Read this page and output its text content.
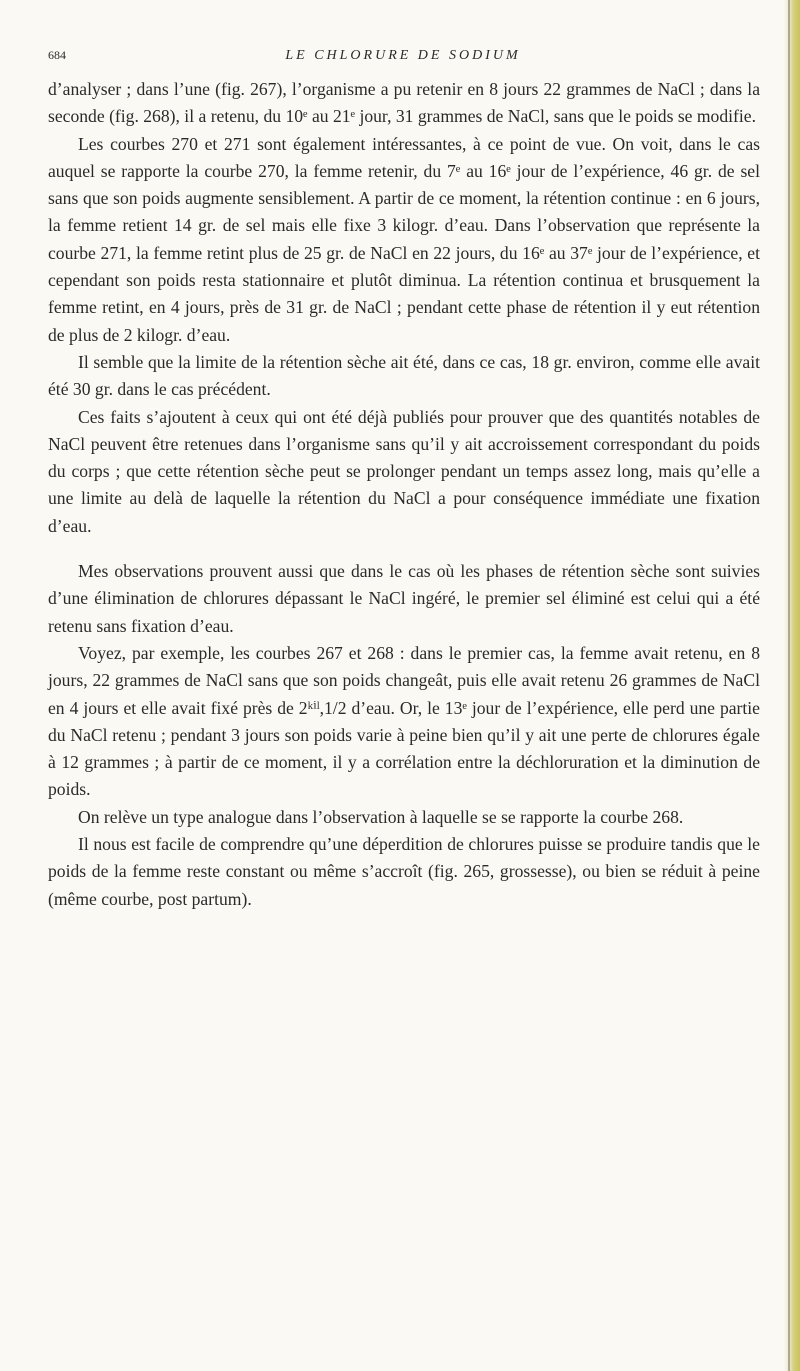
684	LE CHLORURE DE SODIUM

d’analyser ; dans l’une (fig. 267), l’organisme a pu retenir en 8 jours 22 grammes de NaCl ; dans la seconde (fig. 268), il a retenu, du 10ᵉ au 21ᵉ jour, 31 grammes de NaCl, sans que le poids se modifie.

Les courbes 270 et 271 sont également intéressantes, à ce point de vue. On voit, dans le cas auquel se rapporte la courbe 270, la femme retenir, du 7ᵉ au 16ᵉ jour de l’expérience, 46 gr. de sel sans que son poids augmente sensiblement. A partir de ce moment, la rétention continue : en 6 jours, la femme retient 14 gr. de sel mais elle fixe 3 kilogr. d’eau. Dans l’observation que représente la courbe 271, la femme retint plus de 25 gr. de NaCl en 22 jours, du 16ᵉ au 37ᵉ jour de l’expérience, et cependant son poids resta stationnaire et plutôt diminua. La rétention continua et brusquement la femme retint, en 4 jours, près de 31 gr. de NaCl ; pendant cette phase de rétention il y eut rétention de plus de 2 kilogr. d’eau.

Il semble que la limite de la rétention sèche ait été, dans ce cas, 18 gr. environ, comme elle avait été 30 gr. dans le cas précédent.

Ces faits s’ajoutent à ceux qui ont été déjà publiés pour prouver que des quantités notables de NaCl peuvent être retenues dans l’organisme sans qu’il y ait accroissement correspondant du poids du corps ; que cette rétention sèche peut se prolonger pendant un temps assez long, mais qu’elle a une limite au delà de laquelle la rétention du NaCl a pour conséquence immédiate une fixation d’eau.

Mes observations prouvent aussi que dans le cas où les phases de rétention sèche sont suivies d’une élimination de chlorures dépassant le NaCl ingéré, le premier sel éliminé est celui qui a été retenu sans fixation d’eau.

Voyez, par exemple, les courbes 267 et 268 : dans le premier cas, la femme avait retenu, en 8 jours, 22 grammes de NaCl sans que son poids changeât, puis elle avait retenu 26 grammes de NaCl en 4 jours et elle avait fixé près de 2ᵏⁱˡ,1/2 d’eau. Or, le 13ᵉ jour de l’expérience, elle perd une partie du NaCl retenu ; pendant 3 jours son poids varie à peine bien qu’il y ait une perte de chlorures égale à 12 grammes ; à partir de ce moment, il y a corrélation entre la déchloruration et la diminution de poids.

On relève un type analogue dans l’observation à laquelle se se rapporte la courbe 268.

Il nous est facile de comprendre qu’une déperdition de chlorures puisse se produire tandis que le poids de la femme reste constant ou même s’accroît (fig. 265, grossesse), ou bien se réduit à peine (même courbe, post partum).
